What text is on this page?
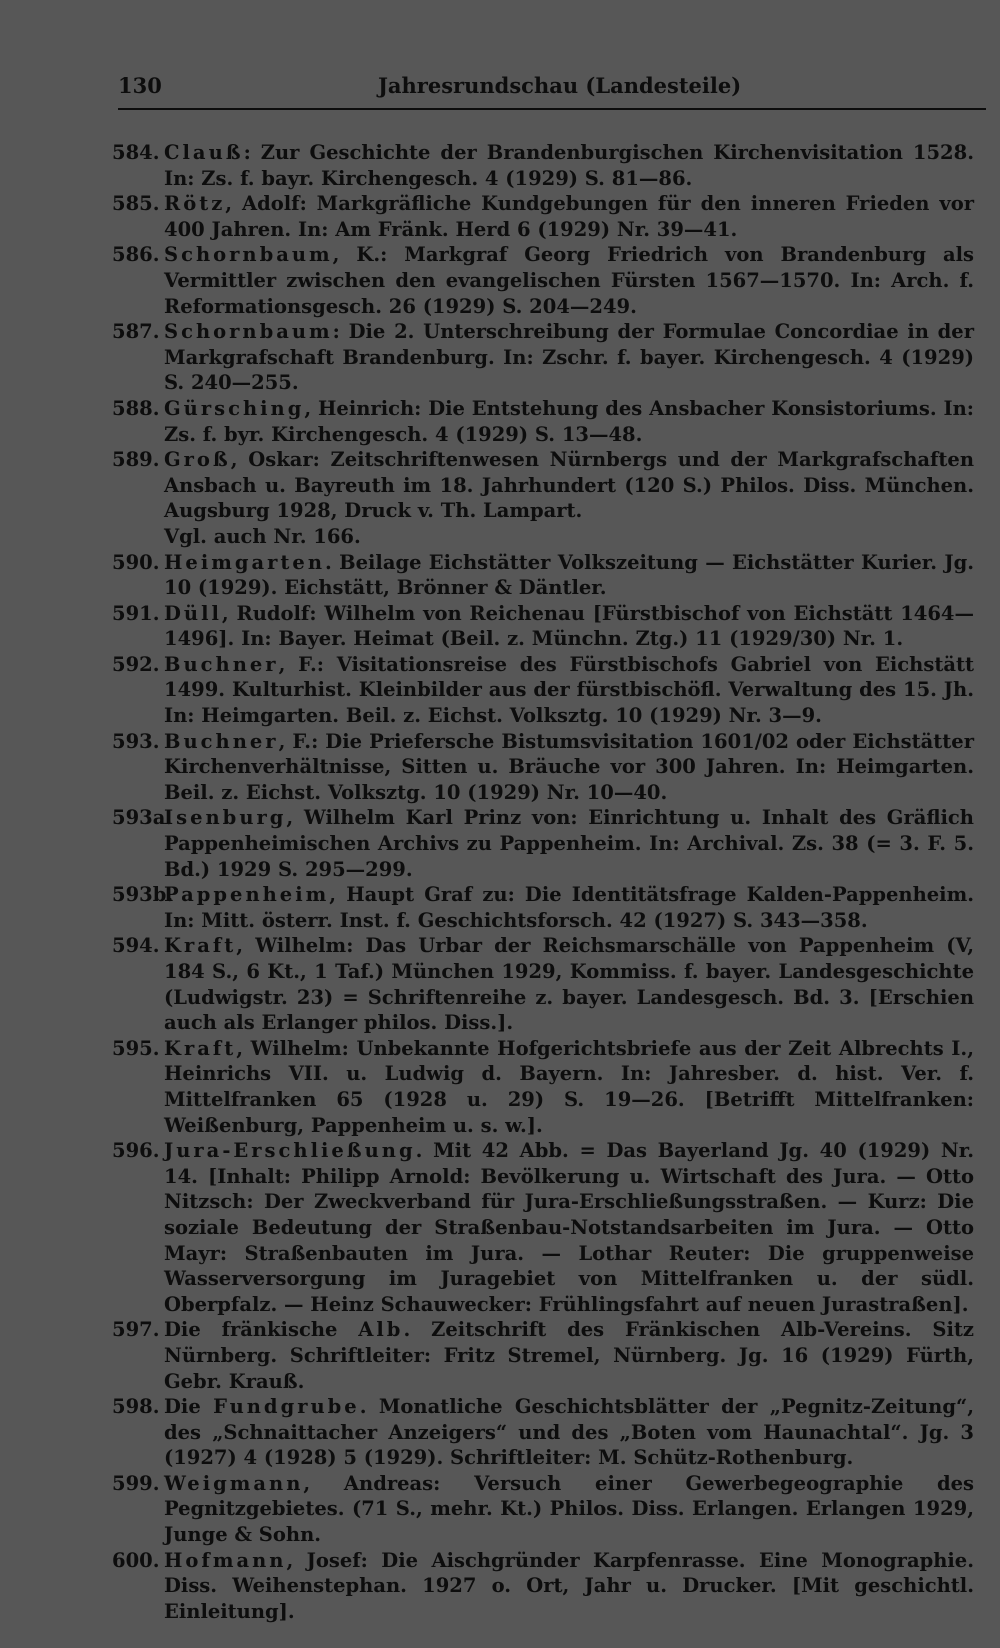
130	Jahresrundschau (Landesteile)
584. Clauß: Zur Geschichte der Brandenburgischen Kirchenvisitation 1528. In: Zs. f. bayr. Kirchengesch. 4 (1929) S. 81—86.
585. Rötz, Adolf: Markgräfliche Kundgebungen für den inneren Frieden vor 400 Jahren. In: Am Fränk. Herd 6 (1929) Nr. 39—41.
586. Schornbaum, K.: Markgraf Georg Friedrich von Brandenburg als Vermittler zwischen den evangelischen Fürsten 1567—1570. In: Arch. f. Reformationsgesch. 26 (1929) S. 204—249.
587. Schornbaum: Die 2. Unterschreibung der Formulae Concordiae in der Markgrafschaft Brandenburg. In: Zschr. f. bayer. Kirchengesch. 4 (1929) S. 240—255.
588. Gürsching, Heinrich: Die Entstehung des Ansbacher Konsistoriums. In: Zs. f. byr. Kirchengesch. 4 (1929) S. 13—48.
589. Groß, Oskar: Zeitschriftenwesen Nürnbergs und der Markgrafschaften Ansbach u. Bayreuth im 18. Jahrhundert (120 S.) Philos. Diss. München. Augsburg 1928, Druck v. Th. Lampart.
Vgl. auch Nr. 166.
590. Heimgarten. Beilage Eichstätter Volkszeitung — Eichstätter Kurier. Jg. 10 (1929). Eichstätt, Brönner & Däntler.
591. Düll, Rudolf: Wilhelm von Reichenau [Fürstbischof von Eichstätt 1464—1496]. In: Bayer. Heimat (Beil. z. Münchn. Ztg.) 11 (1929/30) Nr. 1.
592. Buchner, F.: Visitationsreise des Fürstbischofs Gabriel von Eichstätt 1499. Kulturhist. Kleinbilder aus der fürstbischöfl. Verwaltung des 15. Jh. In: Heimgarten. Beil. z. Eichst. Volksztg. 10 (1929) Nr. 3—9.
593. Buchner, F.: Die Priefersche Bistumsvisitation 1601/02 oder Eichstätter Kirchenverhältnisse, Sitten u. Bräuche vor 300 Jahren. In: Heimgarten. Beil. z. Eichst. Volksztg. 10 (1929) Nr. 10—40.
593a.
Isenburg, Wilhelm Karl Prinz von: Einrichtung u. Inhalt des Gräflich Pappenheimischen Archivs zu Pappenheim. In: Archival. Zs. 38 (= 3. F. 5. Bd.) 1929 S. 295—299.
593b.
Pappenheim, Haupt Graf zu: Die Identitätsfrage Kalden-Pappenheim. In: Mitt. österr. Inst. f. Geschichtsforsch. 42 (1927) S. 343—358.
594. Kraft, Wilhelm: Das Urbar der Reichsmarschälle von Pappenheim (V, 184 S., 6 Kt., 1 Taf.) München 1929, Kommiss. f. bayer. Landesgeschichte (Ludwigstr. 23) = Schriftenreihe z. bayer. Landesgesch. Bd. 3. [Erschien auch als Erlanger philos. Diss.].
595. Kraft, Wilhelm: Unbekannte Hofgerichtsbriefe aus der Zeit Albrechts I., Heinrichs VII. u. Ludwig d. Bayern. In: Jahresber. d. hist. Ver. f. Mittelfranken 65 (1928 u. 29) S. 19—26. [Betrifft Mittelfranken: Weißenburg, Pappenheim u. s. w.].
596. Jura-Erschließung. Mit 42 Abb. = Das Bayerland Jg. 40 (1929) Nr. 14. [Inhalt: Philipp Arnold: Bevölkerung u. Wirtschaft des Jura. — Otto Nitzsch: Der Zweckverband für Jura-Erschließungsstraßen. — Kurz: Die soziale Bedeutung der Straßenbau-Notstandsarbeiten im Jura. — Otto Mayr: Straßenbauten im Jura. — Lothar Reuter: Die gruppenweise Wasserversorgung im Juragebiet von Mittelfranken u. der südl. Oberpfalz. — Heinz Schauwecker: Frühlingsfahrt auf neuen Jurastraßen].
597. Die fränkische Alb. Zeitschrift des Fränkischen Alb-Vereins. Sitz Nürnberg. Schriftleiter: Fritz Stremel, Nürnberg. Jg. 16 (1929) Fürth, Gebr. Krauß.
598. Die Fundgrube. Monatliche Geschichtsblätter der „Pegnitz-Zeitung“, des „Schnaittacher Anzeigers“ und des „Boten vom Haunachtal“. Jg. 3 (1927) 4 (1928) 5 (1929). Schriftleiter: M. Schütz-Rothenburg.
599. Weigmann, Andreas: Versuch einer Gewerbegeographie des Pegnitzgebietes. (71 S., mehr. Kt.) Philos. Diss. Erlangen. Erlangen 1929, Junge & Sohn.
600. Hofmann, Josef: Die Aischgründer Karpfenrasse. Eine Monographie. Diss. Weihenstephan. 1927 o. Ort, Jahr u. Drucker. [Mit geschichtl. Einleitung].
